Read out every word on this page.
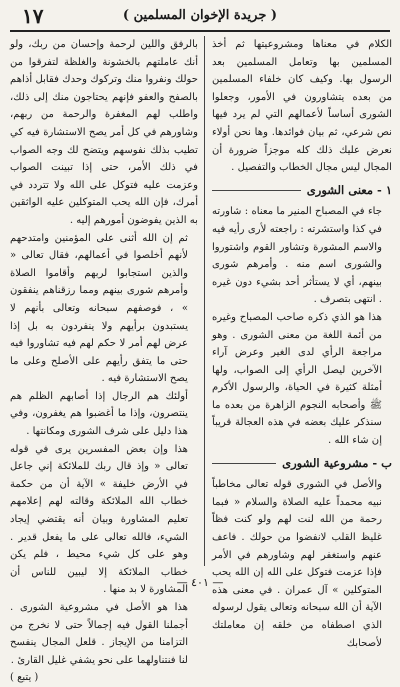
١٧	( جريدة الإخوان المسلمين )

الكلام في معناها ومشروعيتها ثم أخذ المسلمين بها وتعامل المسلمين بعد الرسول بها. وكيف كان خلفاء المسلمين من بعده يتشاورون في الأمور، وجعلوا الشورى أساساً لأعمالهم التي لم يرد فيها نص شرعي، ثم بيان فوائدها. وها نحن أولاء نعرض عليك ذلك كله موجزاً ضرورة أن المجال ليس مجال الخطاب والتفصيل .

١ - معنى الشورى

جاء في المصباح المنير ما معناه : شاورته في كذا واستشرته : راجعته لأرى رأيه فيه والاسم المشورة وتشاور القوم واشتوروا والشورى اسم منه . وأمرهم شورى بينهم، أي لا يستأثر أحد بشيء دون غيره . انتهى بتصرف .

هذا هو الذي ذكره صاحب المصباح وغيره من أئمة اللغة من معنى الشورى . وهو مراجعة الرأي لدى الغير وعرض آراء الآخرين ليصل الرأي إلى الصواب، ولها أمثلة كثيرة في الحياة، والرسول الأكرم ﷺ وأصحابه النجوم الزاهرة من بعده ما سنذكر عليك بعضه في هذه العجالة قريباً إن شاء الله .

ب - مشروعية الشورى

والأصل في الشورى قوله تعالى مخاطباً نبيه محمداً عليه الصلاة والسلام « فبما رحمة من الله لنت لهم ولو كنت فظاً غليظ القلب لانفضوا من حولك . فاعف عنهم واستغفر لهم وشاورهم في الأمر فإذا عزمت فتوكل على الله إن الله يحب المتوكلين » آل عمران . في معنى هذه الآية أن الله سبحانه وتعالى يقول لرسوله الذي اصطفاه من خلقه إن معاملتك لأصحابك

بالرفق واللين لرحمة وإحسان من ربك، ولو أنك عاملتهم بالخشونة والغلظة لتفرقوا من حولك ونفروا منك وتركوك وحدك فقابل أذاهم بالصفح والعفو فإنهم يحتاجون منك إلى ذلك، واطلب لهم المغفرة والرحمة من ربهم، وشاورهم في كل أمر يصح الاستشارة فيه كي تطيب بذلك نفوسهم ويتضح لك وجه الصواب في ذلك الأمر، حتى إذا تبينت الصواب وعزمت عليه فتوكل على الله ولا تتردد في أمرك، فإن الله يحب المتوكلين عليه الواثقين به الذين يفوضون أمورهم إليه .

ثم إن الله أثنى على المؤمنين وامتدحهم لأنهم أخلصوا في أعمالهم، فقال تعالى « والذين استجابوا لربهم وأقاموا الصلاة وأمرهم شورى بينهم ومما رزقناهم ينفقون » ، فوصفهم سبحانه وتعالى بأنهم لا يستبدون برأيهم ولا ينفردون به بل إذا عرض لهم أمر لا حكم لهم فيه تشاوروا فيه حتى ما يتفق رأيهم على الأصلح وعلى ما يصح الاستشارة فيه .

أولئك هم الرجال إذا أصابهم الظلم هم ينتصرون، وإذا ما أغضبوا هم يغفرون، وفي هذا دليل على شرف الشورى ومكانتها .

هذا وإن بعض المفسرين يرى في قوله تعالى « وإذ قال ربك للملائكة إني جاعل في الأرض خليفة » الآية أن من حكمة خطاب الله الملائكة وقالته لهم إعلامهم تعليم المشاورة وبيان أنه يقتضي إيجاد الشيء، فالله تعالى على ما يفعل قدير . وهو على كل شيء محيط ، فلم يكن خطاب الملائكة إلا ليبين للناس أن المشاورة لا بد منها .

هذا هو الأصل في مشروعية الشورى . أجملنا القول فيه إجمالاً حتى لا نخرج من التزامنا من الإيجاز . قلعل المجال ينفسح لنا فنتناولهما على نحو يشفي غليل القارئ .

( يتبع )

— ٤٠١ —
